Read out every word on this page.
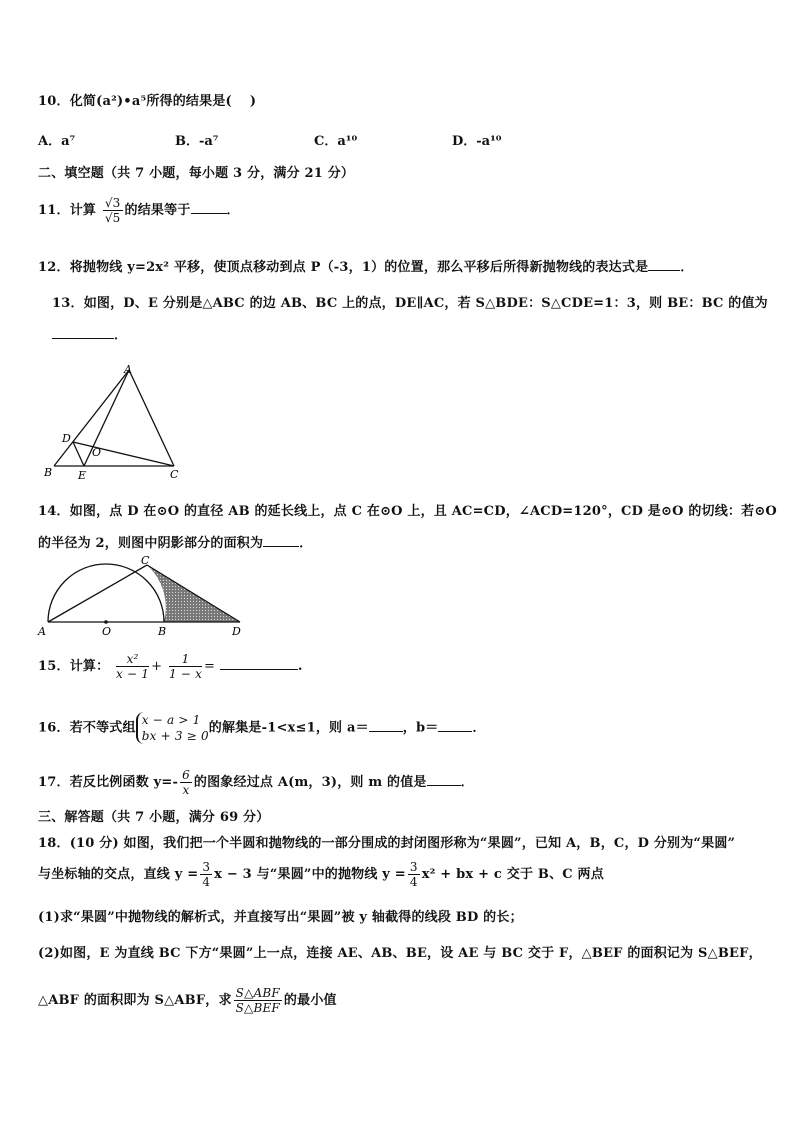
10．化简(a²)•a⁵所得的结果是(　 )
A．a⁷	B．-a⁷	C．a¹⁰	D．-a¹⁰
二、填空题（共 7 小题，每小题 3 分，满分 21 分）
11．计算 $\frac{√3}{√5}$ 的结果等于	．
12．将抛物线 y=2x² 平移，使顶点移动到点 P（-3，1）的位置，那么平移后所得新抛物线的表达式是 ．
13．如图，D、E 分别是△ABC 的边 AB、BC 上的点，DE∥AC，若 S△BDE：S△CDE=1：3，则 BE：BC 的值为
．
A
D
O
B E	C
14．如图，点 D 在⊙O 的直径 AB 的延长线上，点 C 在⊙O 上，且 AC=CD，∠ACD=120°，CD 是⊙O 的切线：若⊙O
的半径为 2，则图中阴影部分的面积为	．
C
A	O	B	D
15．计算： $\frac{\text{x²}}{x - 1} + \frac{1}{1 - x}$ =	.
16．若不等式组
x − a > 1
bx + 3 ≥ 0
的解集是-1<x≤1，则 a＝	，b＝	．
17．若反比例函数 $y=- \frac{6}{x}$ 的图象经过点 A(m，3)，则 m 的值是	．
三、解答题（共 7 小题，满分 69 分）
18．(10 分) 如图，我们把一个半圆和抛物线的一部分围成的封闭图形称为“果圆”，已知 A，B，C，D 分别为“果圆”
与坐标轴的交点，直线 $y = \frac{3}{4}$ x − 3 与“果圆”中的抛物线 $y = \frac{3}{4} x^2$ + bx + c 交于 B、C 两点
(1)求“果圆”中抛物线的解析式，并直接写出“果圆”被 y 轴截得的线段 BD 的长；
(2)如图，E 为直线 BC 下方“果圆”上一点，连接 AE、AB、BE，设 AE 与 BC 交于 F，△BEF 的面积记为 S△BEF，
△ABF 的面积即为 S△ABF，求 $\frac{\text{S△ABF}}{\text{S△BEF}}$ 的最小值
